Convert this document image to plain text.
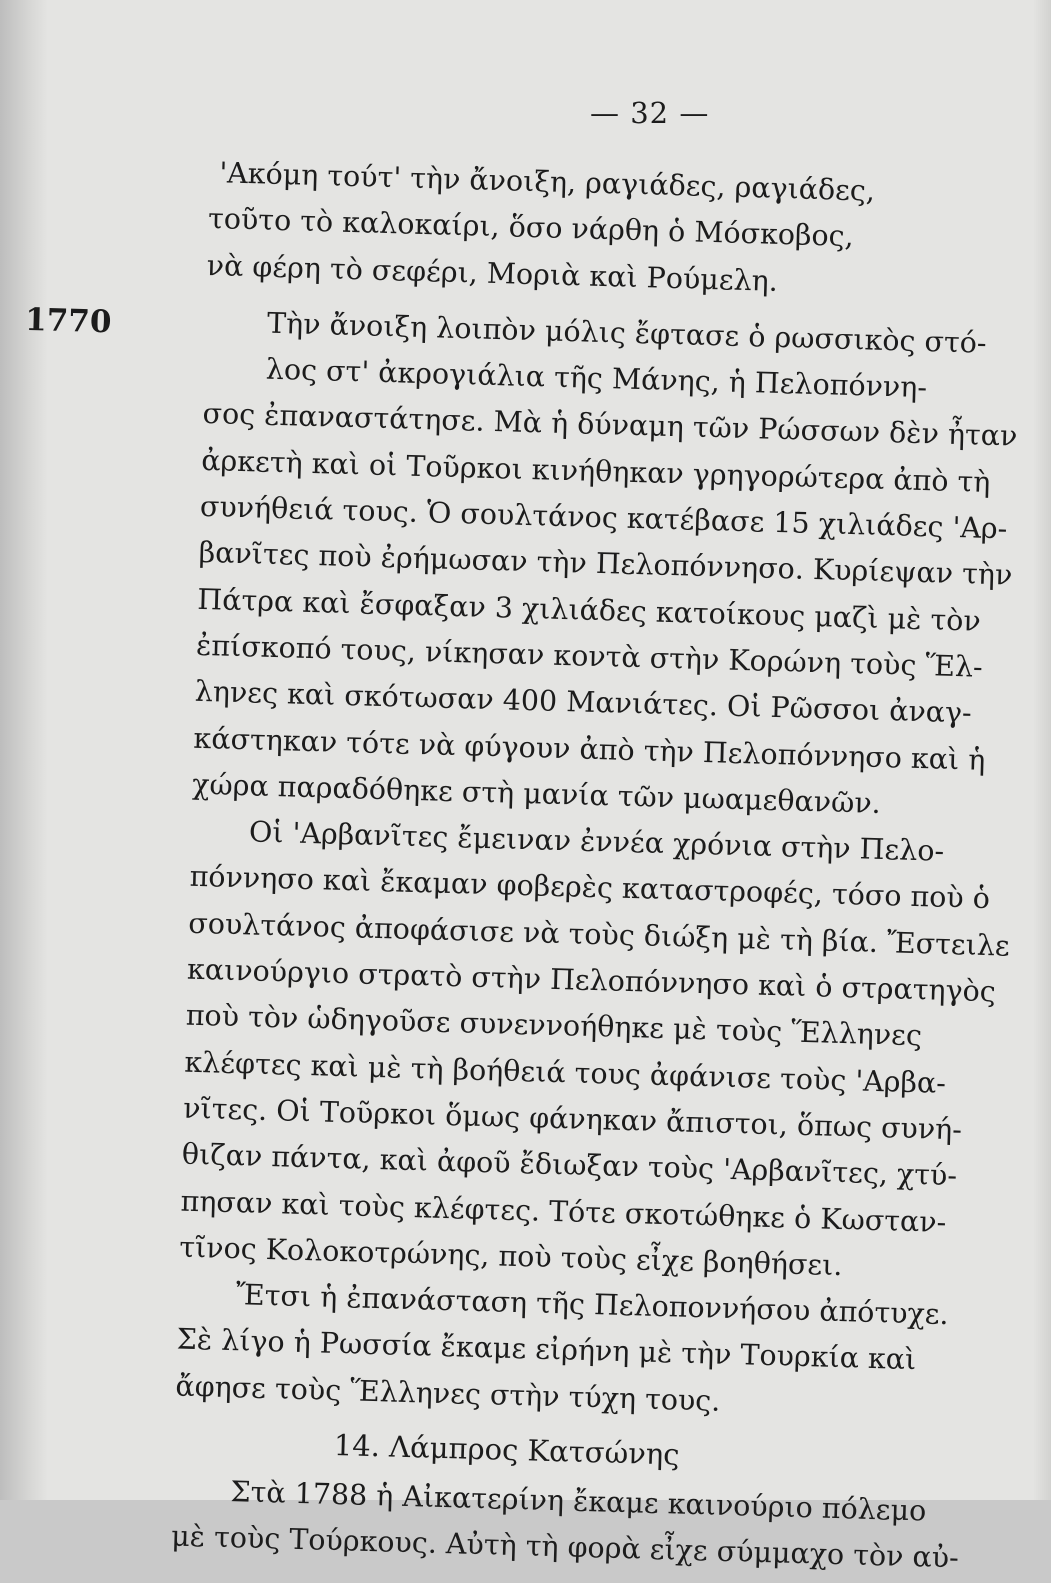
— 32 —
'Ακόμη τούτ' τὴν ἄνοιξη, ραγιάδες, ραγιάδες,
τοῦτο τὸ καλοκαίρι, ὅσο νάρθη ὁ Μόσκοβος,
νὰ φέρη τὸ σεφέρι, Μοριὰ καὶ Ρούμελη.
Τὴν ἄνοιξη λοιπὸν μόλις ἔφτασε ὁ ρωσσικὸς στό-
λος στ' ἀκρογιάλια τῆς Μάνης, ἡ Πελοπόννη-
σος ἐπαναστάτησε. Μὰ ἡ δύναμη τῶν Ρώσσων δὲν ἦταν
ἀρκετὴ καὶ οἱ Τοῦρκοι κινήθηκαν γρηγορώτερα ἀπὸ τὴ
συνήθειά τους. Ὁ σουλτάνος κατέβασε 15 χιλιάδες 'Αρ-
βανῖτες ποὺ ἐρήμωσαν τὴν Πελοπόννησο. Κυρίεψαν τὴν
Πάτρα καὶ ἔσφαξαν 3 χιλιάδες κατοίκους μαζὶ μὲ τὸν
ἐπίσκοπό τους, νίκησαν κοντὰ στὴν Κορώνη τοὺς Ἕλ-
ληνες καὶ σκότωσαν 400 Μανιάτες. Οἱ Ρῶσσοι ἀναγ-
κάστηκαν τότε νὰ φύγουν ἀπὸ τὴν Πελοπόννησο καὶ ἡ
χώρα παραδόθηκε στὴ μανία τῶν μωαμεθανῶν.
Οἱ 'Αρβανῖτες ἔμειναν ἐννέα χρόνια στὴν Πελο-
πόννησο καὶ ἔκαμαν φοβερὲς καταστροφές, τόσο ποὺ ὁ
σουλτάνος ἀποφάσισε νὰ τοὺς διώξη μὲ τὴ βία. Ἔστειλε
καινούργιο στρατὸ στὴν Πελοπόννησο καὶ ὁ στρατηγὸς
ποὺ τὸν ὡδηγοῦσε συνεννοήθηκε μὲ τοὺς Ἕλληνες
κλέφτες καὶ μὲ τὴ βοήθειά τους ἀφάνισε τοὺς 'Αρβα-
νῖτες. Οἱ Τοῦρκοι ὅμως φάνηκαν ἄπιστοι, ὅπως συνή-
θιζαν πάντα, καὶ ἀφοῦ ἔδιωξαν τοὺς 'Αρβανῖτες, χτύ-
πησαν καὶ τοὺς κλέφτες. Τότε σκοτώθηκε ὁ Κωσταν-
τῖνος Κολοκοτρώνης, ποὺ τοὺς εἶχε βοηθήσει.
Ἔτσι ἡ ἐπανάσταση τῆς Πελοποννήσου ἀπότυχε.
Σὲ λίγο ἡ Ρωσσία ἔκαμε εἰρήνη μὲ τὴν Τουρκία καὶ
ἄφησε τοὺς Ἕλληνες στὴν τύχη τους.
14. Λάμπρος Κατσώνης
Στὰ 1788 ἡ Αἰκατερίνη ἔκαμε καινούριο πόλεμο
μὲ τοὺς Τούρκους. Αὐτὴ τὴ φορὰ εἶχε σύμμαχο τὸν αὐ-
1770
